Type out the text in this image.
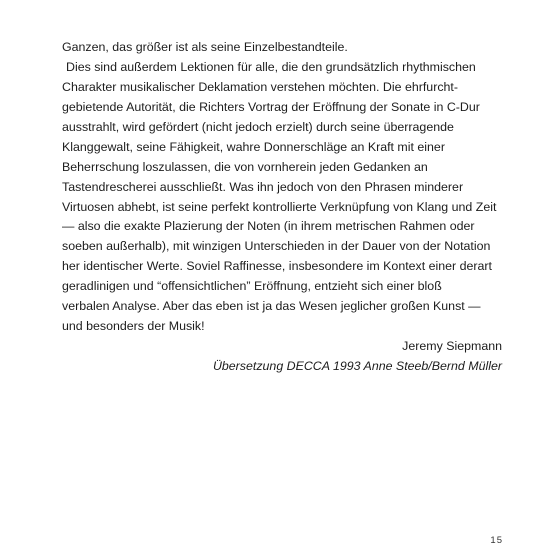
Ganzen, das größer ist als seine Einzelbestandteile.
Dies sind außerdem Lektionen für alle, die den grundsätzlich rhythmischen
Charakter musikalischer Deklamation verstehen möchten. Die ehrfurcht-
gebietende Autorität, die Richters Vortrag der Eröffnung der Sonate in C-Dur
ausstrahlt, wird gefördert (nicht jedoch erzielt) durch seine überragende
Klanggewalt, seine Fähigkeit, wahre Donnerschläge an Kraft mit einer
Beherrschung loszulassen, die von vornherein jeden Gedanken an
Tastendrescherei ausschließt. Was ihn jedoch von den Phrasen minderer
Virtuosen abhebt, ist seine perfekt kontrollierte Verknüpfung von Klang und Zeit
— also die exakte Plazierung der Noten (in ihrem metrischen Rahmen oder
soeben außerhalb), mit winzigen Unterschieden in der Dauer von der Notation
her identischer Werte. Soviel Raffinesse, insbesondere im Kontext einer derart
geradlinigen und “offensichtlichen” Eröffnung, entzieht sich einer bloß
verbalen Analyse. Aber das eben ist ja das Wesen jeglicher großen Kunst —
und besonders der Musik!
Jeremy Siepmann
Übersetzung DECCA 1993 Anne Steeb/Bernd Müller
15
